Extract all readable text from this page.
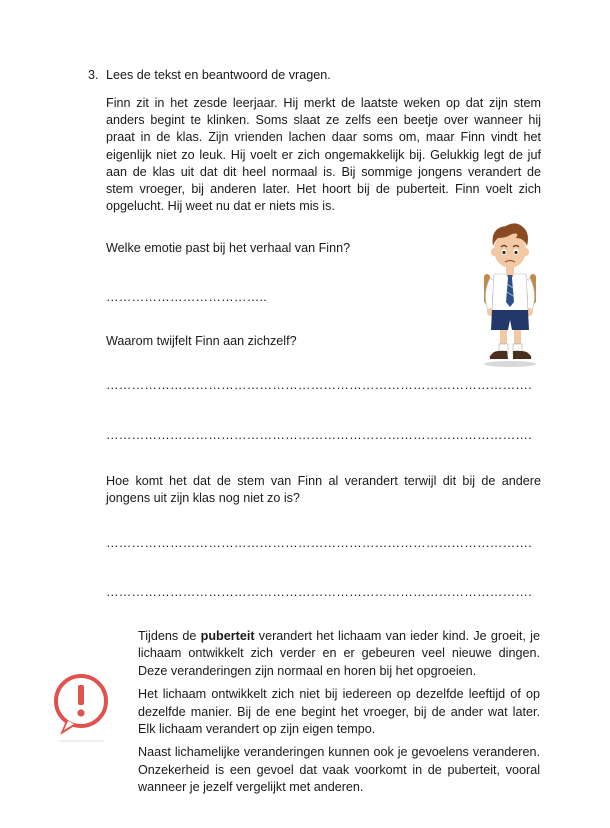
3. Lees de tekst en beantwoord de vragen.

Finn zit in het zesde leerjaar. Hij merkt de laatste weken op dat zijn stem anders begint te klinken. Soms slaat ze zelfs een beetje over wanneer hij praat in de klas. Zijn vrienden lachen daar soms om, maar Finn vindt het eigenlijk niet zo leuk. Hij voelt er zich ongemakkelijk bij. Gelukkig legt de juf aan de klas uit dat dit heel normaal is. Bij sommige jongens verandert de stem vroeger, bij anderen later. Het hoort bij de puberteit. Finn voelt zich opgelucht. Hij weet nu dat er niets mis is.

Welke emotie past bij het verhaal van Finn?

………………………………..

Waarom twijfelt Finn aan zichzelf?

……………………………………………………………………………………….
……………………………………………………………………………………….

Hoe komt het dat de stem van Finn al verandert terwijl dit bij de andere jongens uit zijn klas nog niet zo is?

……………………………………………………………………………………….
……………………………………………………………………………………….

Tijdens de puberteit verandert het lichaam van ieder kind. Je groeit, je lichaam ontwikkelt zich verder en er gebeuren veel nieuwe dingen. Deze veranderingen zijn normaal en horen bij het opgroeien.

Het lichaam ontwikkelt zich niet bij iedereen op dezelfde leeftijd of op dezelfde manier. Bij de ene begint het vroeger, bij de ander wat later. Elk lichaam verandert op zijn eigen tempo.

Naast lichamelijke veranderingen kunnen ook je gevoelens veranderen. Onzekerheid is een gevoel dat vaak voorkomt in de puberteit, vooral wanneer je jezelf vergelijkt met anderen.
